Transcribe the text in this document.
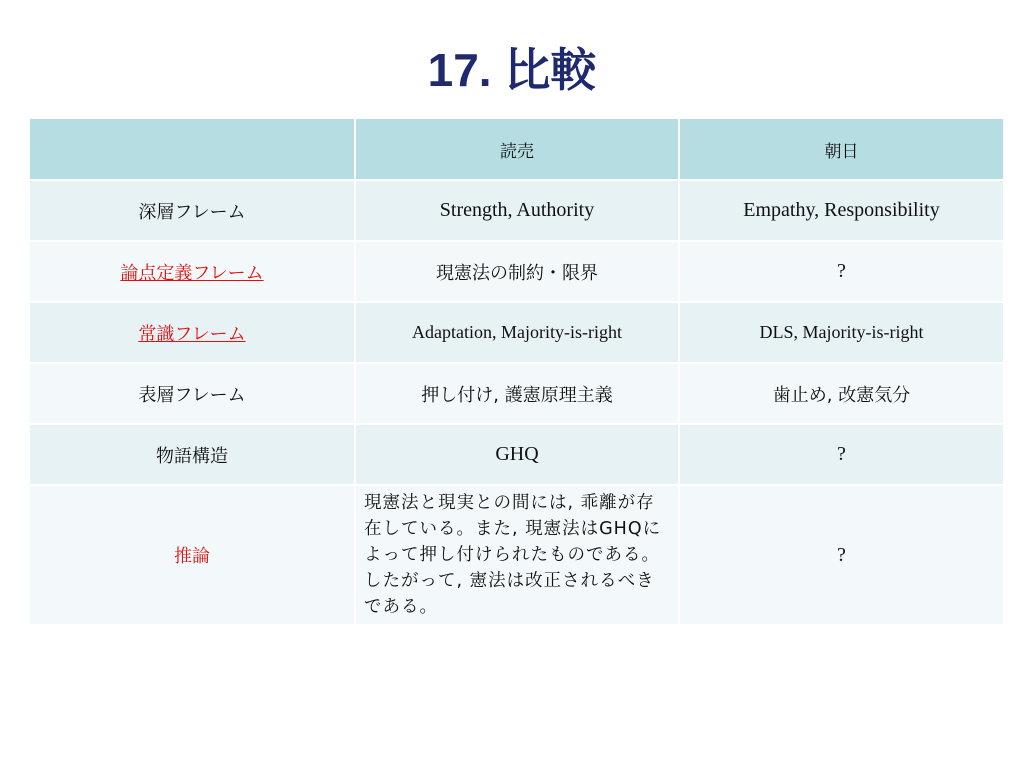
17. 比較
	読売	朝日
深層フレーム	Strength, Authority	Empathy, Responsibility
論点定義フレーム	現憲法の制約・限界	?
常識フレーム	Adaptation, Majority-is-right	DLS, Majority-is-right
表層フレーム	押し付け, 護憲原理主義	歯止め, 改憲気分
物語構造	GHQ	?
推論	現憲法と現実との間には, 乖離が存在している。また, 現憲法はGHQによって押し付けられたものである。したがって, 憲法は改正されるべきである。	?
